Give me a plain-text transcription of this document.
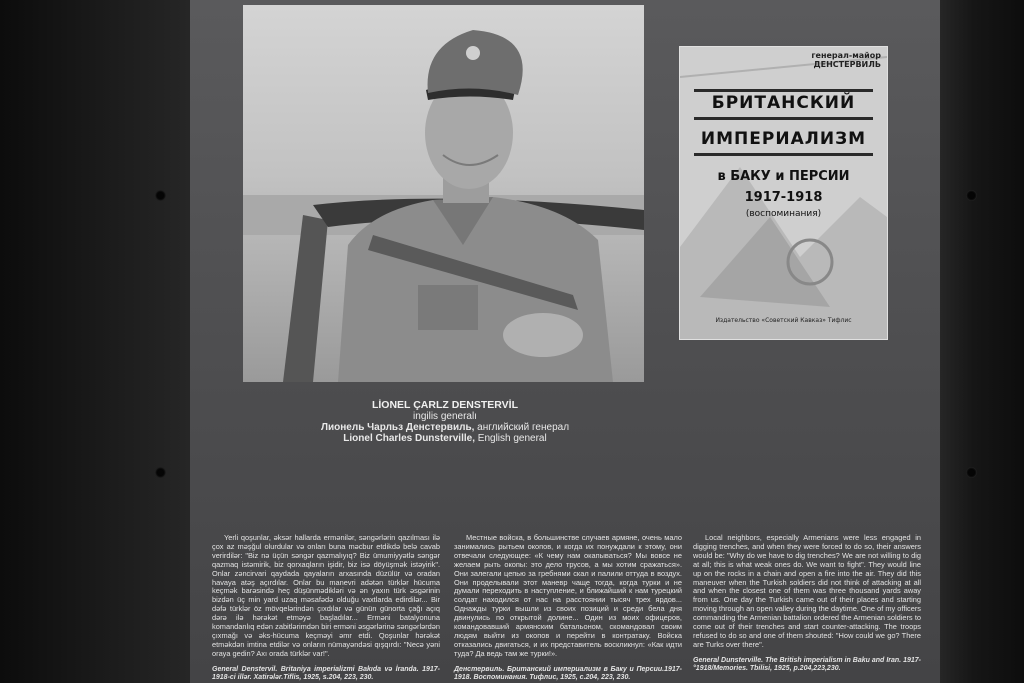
генерал-майор ДЕНСТЕРВИЛЬ
БРИТАНСКИЙ
ИМПЕРИАЛИЗМ
в БАКУ и ПЕРСИИ
1917-1918
(воспоминания)
Издательство «Советский Кавказ» Тифлис
LİONEL ÇARLZ DENSTERVİL
ingilis generalı
Лионель Чарльз Денстервиль, английский генерал
Lionel Charles Dunsterville, English general

Yerli qoşunlar, əksər hallarda ermənilər, səngərlərin qazılması ilə çox az məşğul olurdular və onları buna məcbur etdikdə belə cavab verirdilər: "Biz nə üçün səngər qazmalıyıq? Biz ümumiyyətlə səngər qazmaq istəmirik, biz qorxaqların işidir, biz isə döyüşmək istəyirik". Onlar zəncirvari qaydada qayaların arxasında düzülür və oradan havaya atəş açırdılar. Onlar bu manevri adətən türklər hücuma keçmək barəsində heç düşünmədikləri və ən yaxın türk əsgərinin bizdən üç min yard uzaq məsafədə olduğu vaxtlarda edirdilər... Bir dəfə türklər öz mövqelərindən çıxdılar və günün günorta çağı açıq dərə ilə hərəkət etməyə başladılar... Erməni batalyonuna komandanlıq edən zabitlərimdən biri erməni əsgərlərinə səngərlərdən çıxmağı və əks-hücuma keçməyi əmr etdi. Qoşunlar hərəkət etməkdən imtina etdilər və onların nümayəndəsi qışqırdı: "Necə yəni oraya gedin? Axı orada türklər var!".

General Denstervil. Britaniya imperializmi Bakıda və İranda. 1917-1918-ci illər. Xatirələr.Tiflis, 1925, s.204, 223, 230.

Местные войска, в большинстве случаев армяне, очень мало занимались рытьем окопов, и когда их понуждали к этому, они отвечали следующее: «К чему нам окапываться? Мы вовсе не желаем рыть окопы: это дело трусов, а мы хотим сражаться». Они залегали цепью за гребнями скал и палили оттуда в воздух. Они проделывали этот маневр чаще тогда, когда турки и не думали переходить в наступление, и ближайший к нам турецкий солдат находился от нас на расстоянии тысяч трех ярдов... Однажды турки вышли из своих позиций и среди бела дня двинулись по открытой долине... Один из моих офицеров, командовавший армянским батальоном, скомандовал своим людям выйти из окопов и перейти в контратаку. Войска отказались двигаться, и их представитель воскликнул: «Как идти туда? Да ведь там же турки!».

Денстервиль. Британский империализм в Баку и Персии.1917-1918. Воспоминания. Тифлис, 1925, с.204, 223, 230.

Local neighbors, especially Armenians were less engaged in digging trenches, and when they were forced to do so, their answers would be: "Why do we have to dig trenches? We are not willing to dig at all; this is what weak ones do. We want to fight". They would line up on the rocks in a chain and open a fire into the air. They did this maneuver when the Turkish soldiers did not think of attacking at all and when the closest one of them was three thousand yards away from us. One day the Turkish came out of their places and starting moving through an open valley during the daytime. One of my officers commanding the Armenian battalion ordered the Armenian soldiers to come out of their trenches and start counter-attacking. The troops refused to do so and one of them shouted: "How could we go? There are Turks over there".

General Dunsterville. The British imperialism in Baku and Iran. 1917-°1918/Memories. Tbilisi, 1925, p.204,223,230.
